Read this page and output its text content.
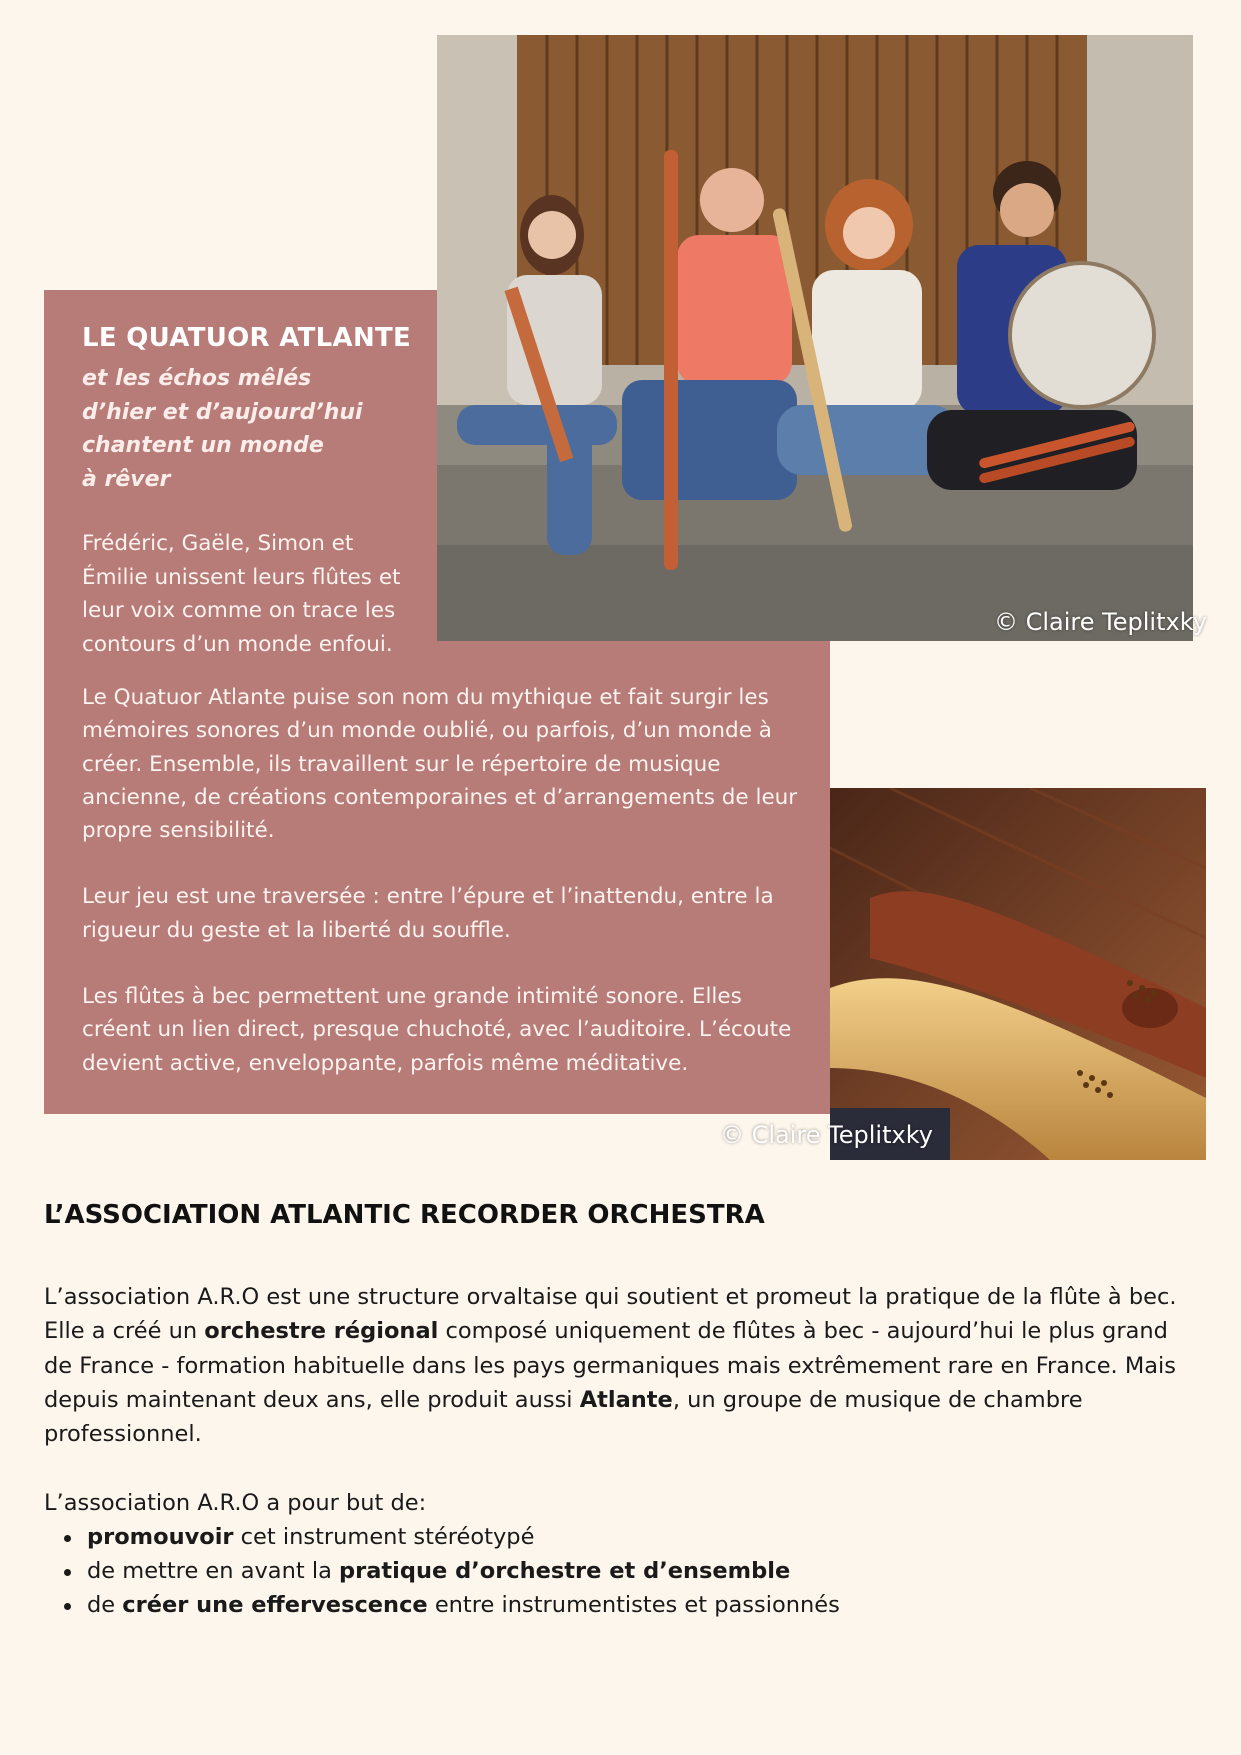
LE QUATUOR ATLANTE
et les échos mêlés
d’hier et d’aujourd’hui
chantent un monde
à rêver
Frédéric, Gaële, Simon et
Émilie unissent leurs flûtes et
leur voix comme on trace les
contours d’un monde enfoui.

Le Quatuor Atlante puise son nom du mythique et fait surgir les mémoires sonores d’un monde oublié, ou parfois, d’un monde à créer. Ensemble, ils travaillent sur le répertoire de musique ancienne, de créations contemporaines et d’arrangements de leur propre sensibilité.

Leur jeu est une traversée : entre l’épure et l’inattendu, entre la rigueur du geste et la liberté du souffle.

Les flûtes à bec permettent une grande intimité sonore. Elles créent un lien direct, presque chuchoté, avec l’auditoire. L’écoute devient active, enveloppante, parfois même méditative.

© Claire Teplitxky
© Claire Teplitxky
L’ASSOCIATION ATLANTIC RECORDER ORCHESTRA

L’association A.R.O est une structure orvaltaise qui soutient et promeut la pratique de la flûte à bec. Elle a créé un orchestre régional composé uniquement de flûtes à bec - aujourd’hui le plus grand de France - formation habituelle dans les pays germaniques mais extrêmement rare en France. Mais depuis maintenant deux ans, elle produit aussi Atlante, un groupe de musique de chambre professionnel.

L’association A.R.O a pour but de:

promouvoir cet instrument stéréotypé
de mettre en avant la pratique d’orchestre et d’ensemble
de créer une effervescence entre instrumentistes et passionnés
